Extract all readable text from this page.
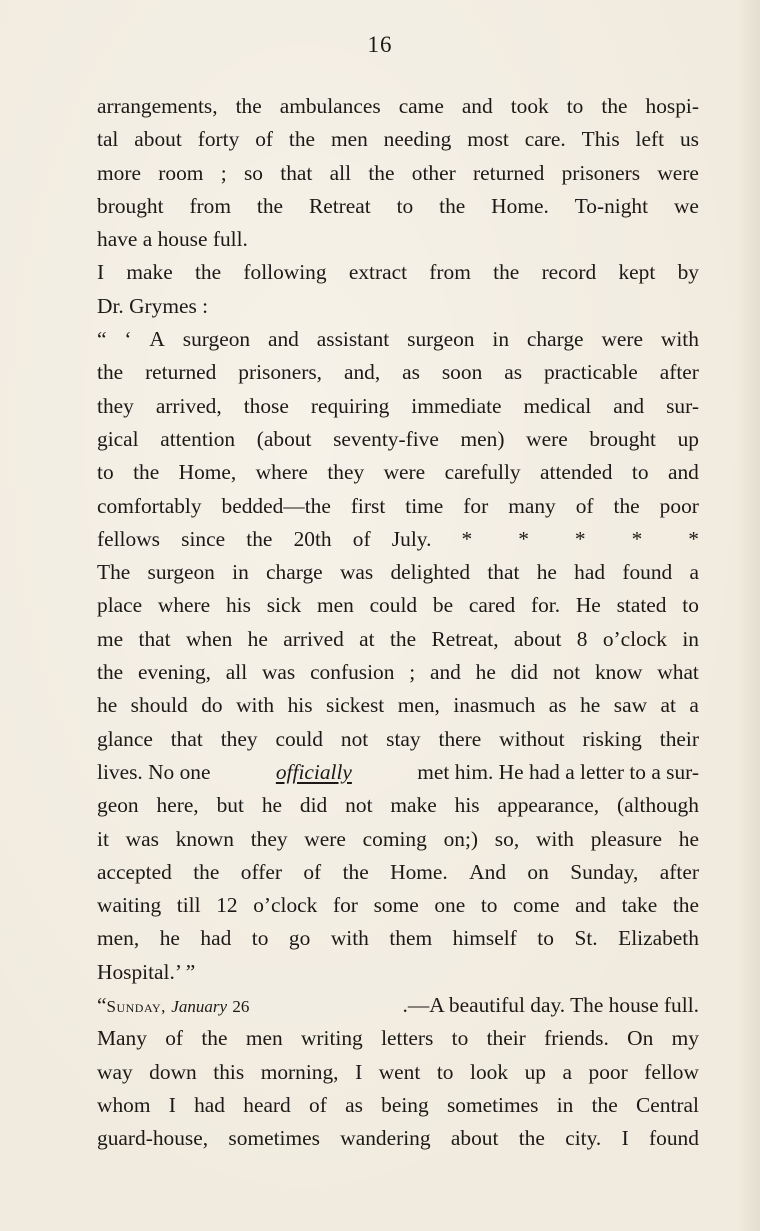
16
arrangements, the ambulances came and took to the hospi-
tal about forty of the men needing most care. This left us
more room ; so that all the other returned prisoners were
brought from the Retreat to the Home. To-night we
have a house full.
I make the following extract from the record kept by
Dr. Grymes :
“ ‘ A surgeon and assistant surgeon in charge were with
the returned prisoners, and, as soon as practicable after
they arrived, those requiring immediate medical and sur-
gical attention (about seventy-five men) were brought up
to the Home, where they were carefully attended to and
comfortably bedded—the first time for many of the poor
fellows since the 20th of July. * * * * *
The surgeon in charge was delighted that he had found a
place where his sick men could be cared for. He stated to
me that when he arrived at the Retreat, about 8 o’clock in
the evening, all was confusion ; and he did not know what
he should do with his sickest men, inasmuch as he saw at a
glance that they could not stay there without risking their
lives. No one	officially	met him. He had a letter to a sur-
geon here, but he did not make his appearance, (although
it was known they were coming on;) so, with pleasure he
accepted the offer of the Home. And on Sunday, after
waiting till 12 o’clock for some one to come and take the
men, he had to go with them himself to St. Elizabeth
Hospital.’ ”
“Sunday, January 26	.—A beautiful day. The house full.
Many of the men writing letters to their friends. On my
way down this morning, I went to look up a poor fellow
whom I had heard of as being sometimes in the Central
guard-house, sometimes wandering about the city. I found
